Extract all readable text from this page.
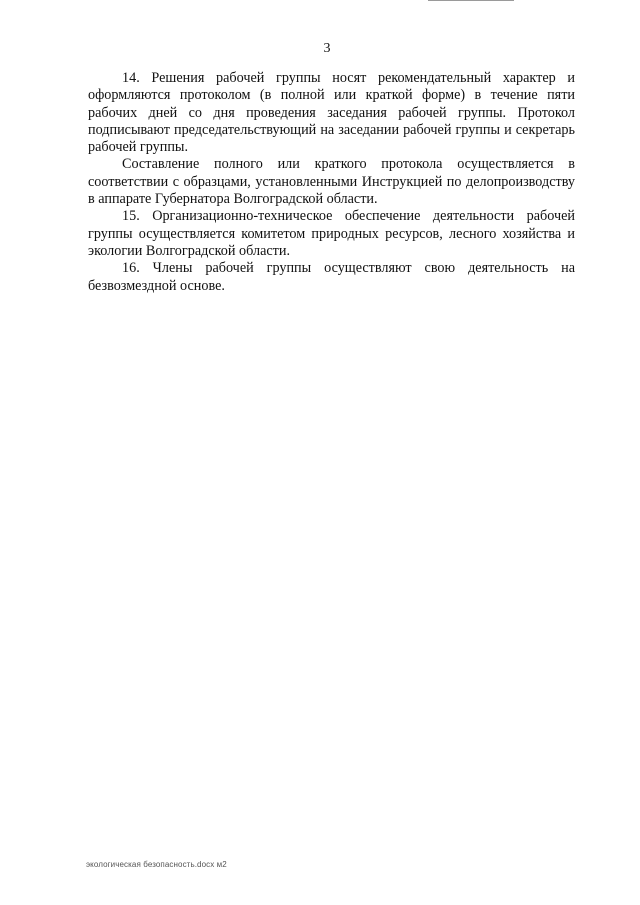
3

14. Решения рабочей группы носят рекомендательный характер и оформляются протоколом (в полной или краткой форме) в течение пяти рабочих дней со дня проведения заседания рабочей группы. Протокол подписывают председательствующий на заседании рабочей группы и секретарь рабочей группы.

Составление полного или краткого протокола осуществляется в соответствии с образцами, установленными Инструкцией по делопроизводству в аппарате Губернатора Волгоградской области.

15. Организационно-техническое обеспечение деятельности рабочей группы осуществляется комитетом природных ресурсов, лесного хозяйства и экологии Волгоградской области.

16. Члены рабочей группы осуществляют свою деятельность на безвозмездной основе.

экологическая безопасность.docx м2
